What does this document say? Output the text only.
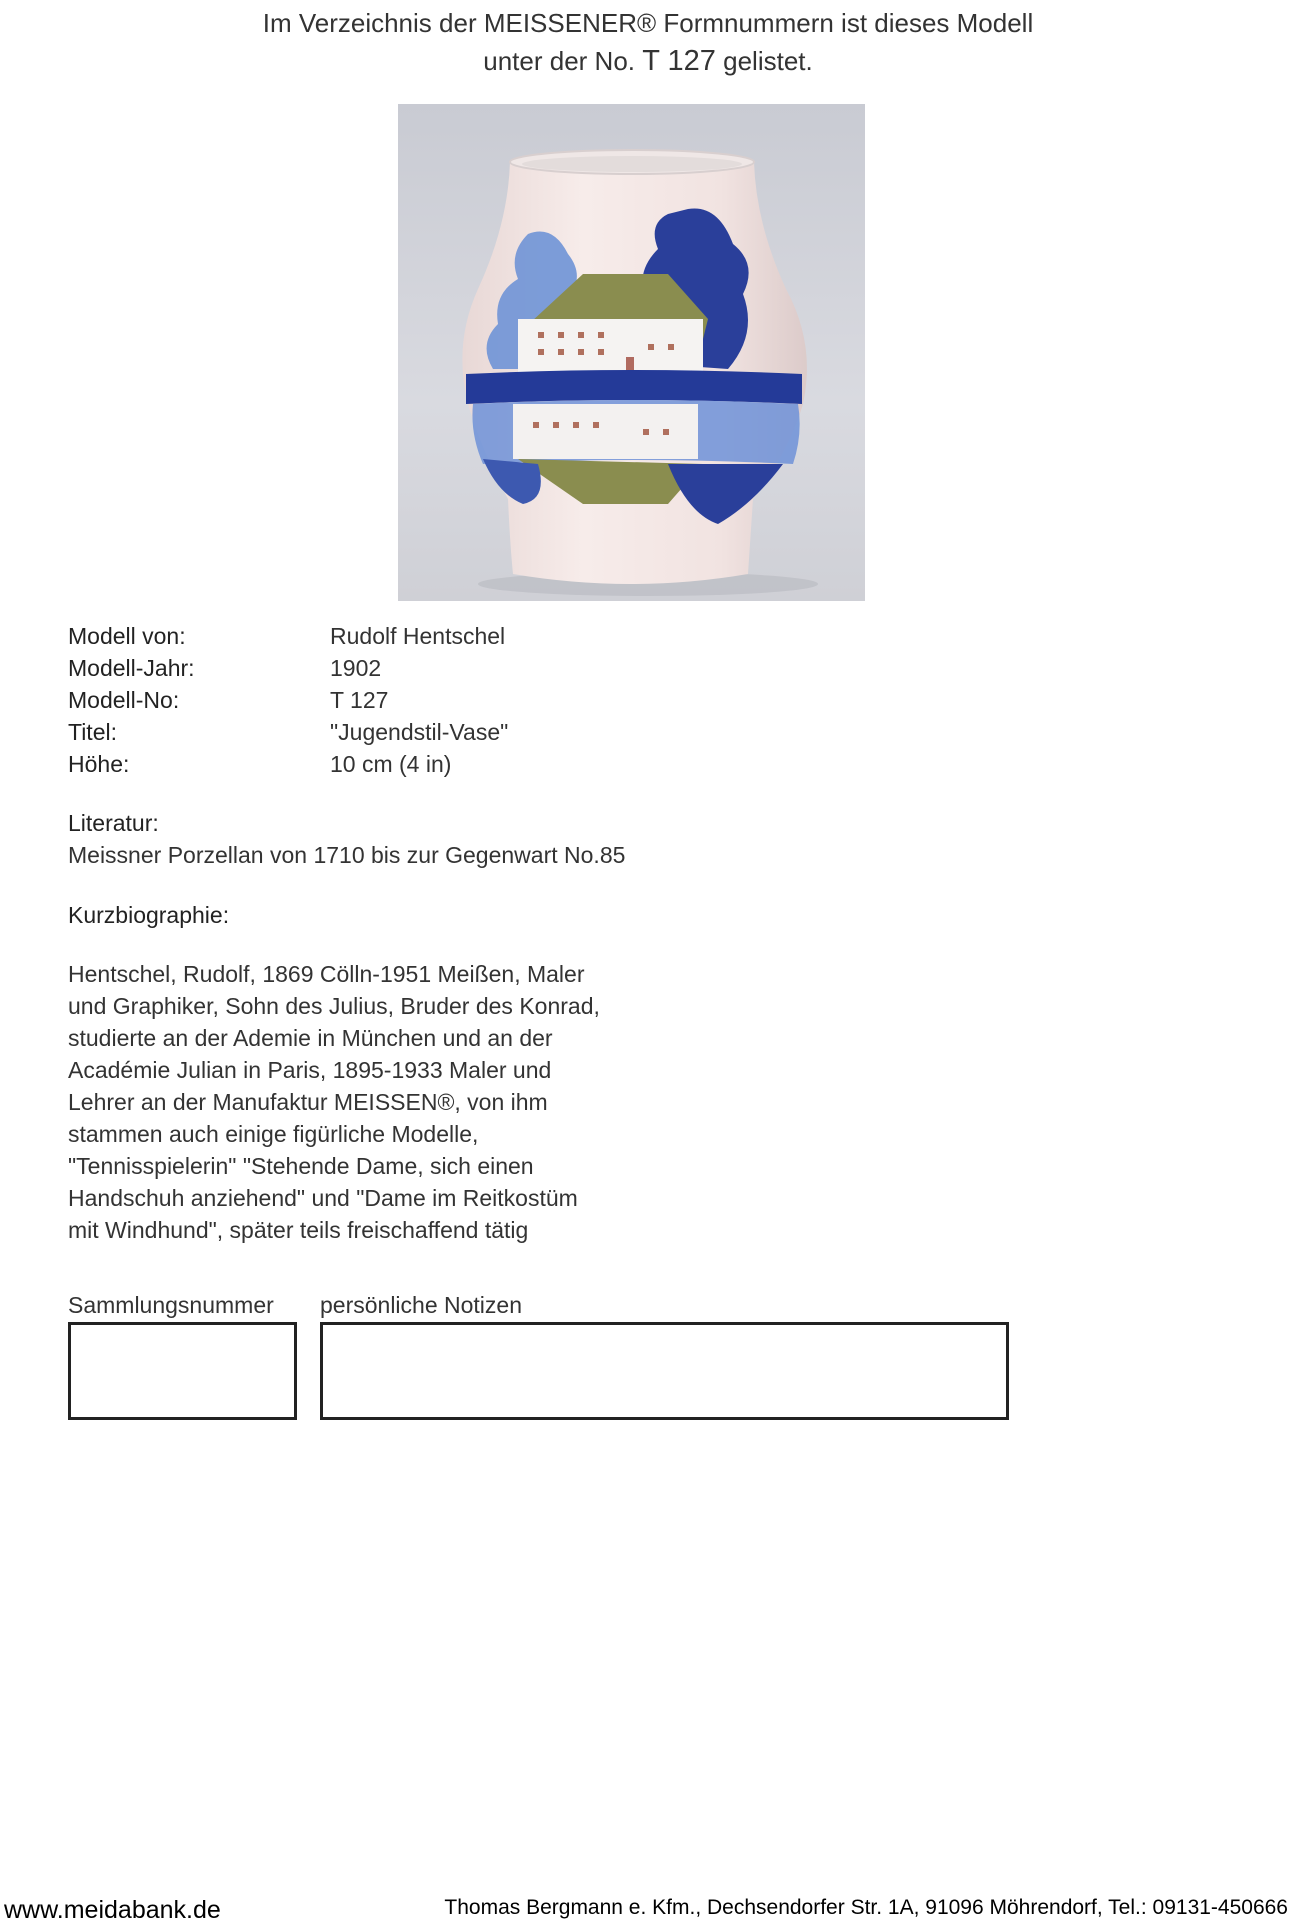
Im Verzeichnis der MEISSENER® Formnummern ist dieses Modell
unter der No. T 127 gelistet.
Modell von:	Rudolf Hentschel
Modell-Jahr:	1902
Modell-No:	T 127
Titel:	"Jugendstil-Vase"
Höhe:	10 cm (4 in)
Literatur:
Meissner Porzellan von 1710 bis zur Gegenwart No.85
Kurzbiographie:
Hentschel, Rudolf, 1869 Cölln-1951 Meißen, Maler
und Graphiker, Sohn des Julius, Bruder des Konrad,
studierte an der Ademie in München und an der
Académie Julian in Paris, 1895-1933 Maler und
Lehrer an der Manufaktur MEISSEN®, von ihm
stammen auch einige figürliche Modelle,
"Tennisspielerin" "Stehende Dame, sich einen
Handschuh anziehend" und "Dame im Reitkostüm
mit Windhund", später teils freischaffend tätig
Sammlungsnummer persönliche Notizen
www.meidabank.de	Thomas Bergmann e. Kfm., Dechsendorfer Str. 1A, 91096 Möhrendorf, Tel.: 09131-450666
